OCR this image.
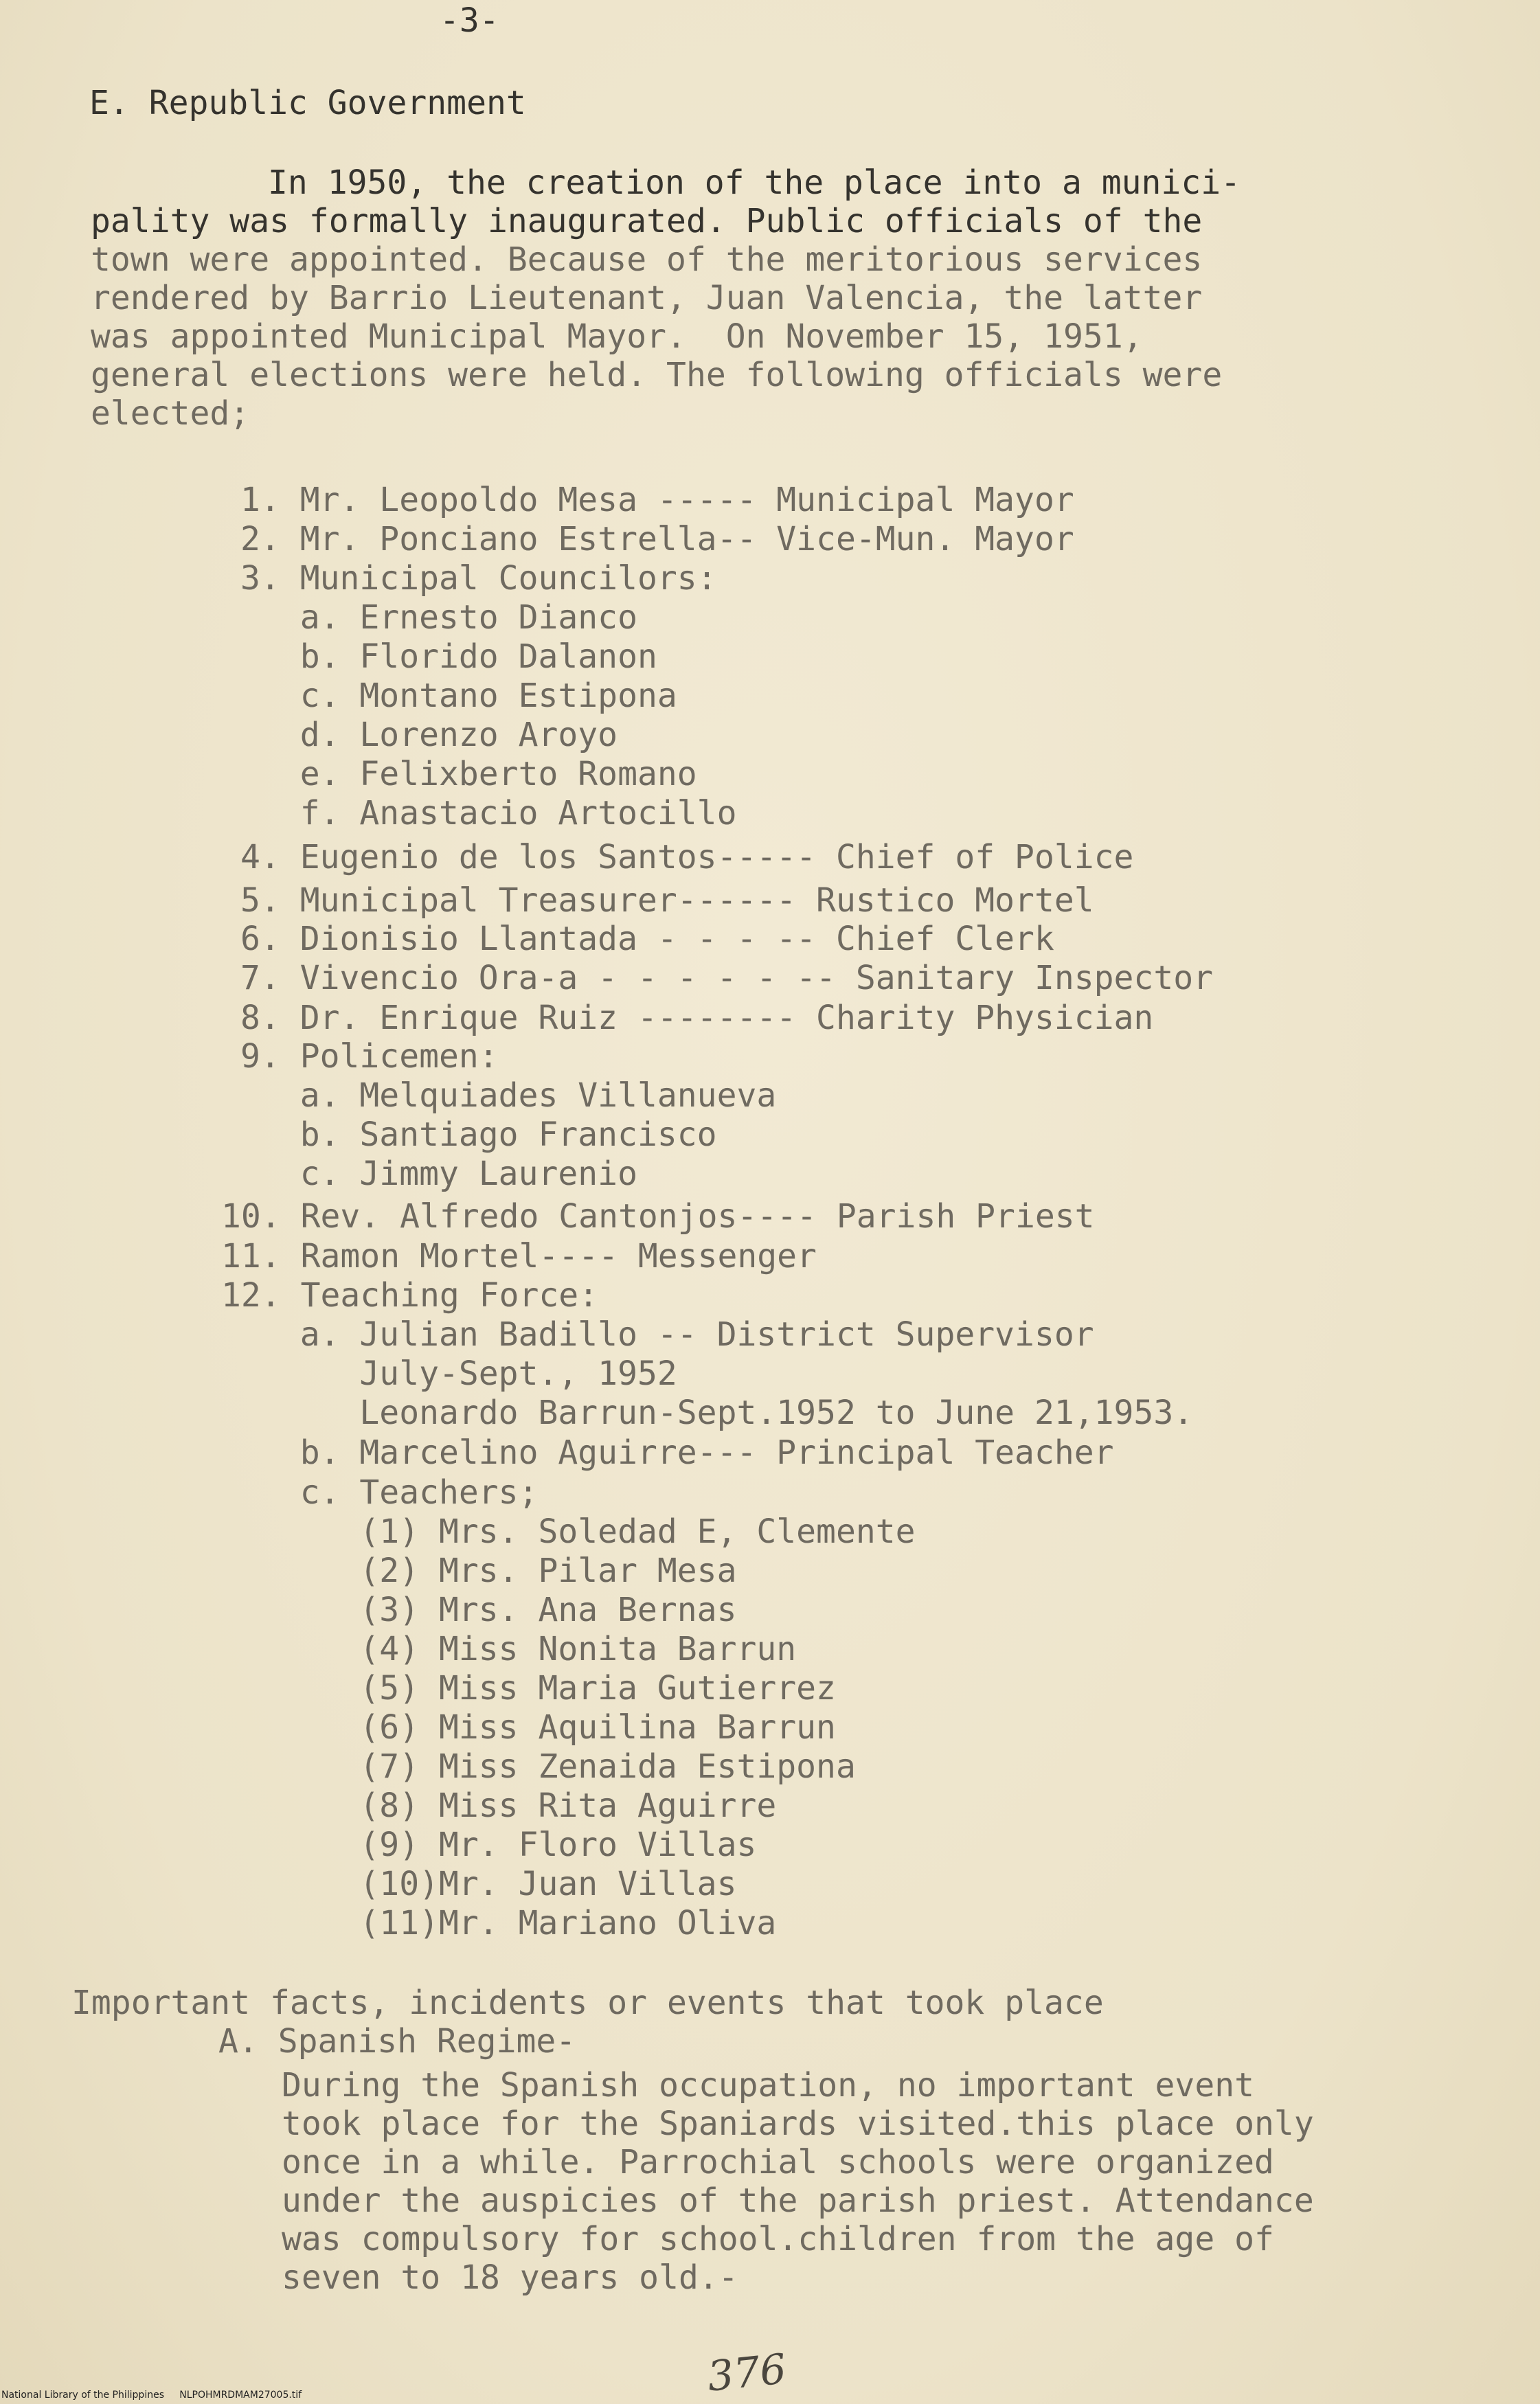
-3-
E. Republic Government
In 1950, the creation of the place into a munici-
pality was formally inaugurated. Public officials of the
town were appointed. Because of the meritorious services
rendered by Barrio Lieutenant, Juan Valencia, the latter
was appointed Municipal Mayor.  On November 15, 1951,
general elections were held. The following officials were
elected;
1. Mr. Leopoldo Mesa ----- Municipal Mayor
2. Mr. Ponciano Estrella-- Vice-Mun. Mayor
3. Municipal Councilors:
a. Ernesto Dianco
b. Florido Dalanon
c. Montano Estipona
d. Lorenzo Aroyo
e. Felixberto Romano
f. Anastacio Artocillo
4. Eugenio de los Santos----- Chief of Police
5. Municipal Treasurer------ Rustico Mortel
6. Dionisio Llantada - - - -- Chief Clerk
7. Vivencio Ora-a - - - - - -- Sanitary Inspector
8. Dr. Enrique Ruiz -------- Charity Physician
9. Policemen:
a. Melquiades Villanueva
b. Santiago Francisco
c. Jimmy Laurenio
10. Rev. Alfredo Cantonjos---- Parish Priest
11. Ramon Mortel---- Messenger
12. Teaching Force:
a. Julian Badillo -- District Supervisor
July-Sept., 1952
Leonardo Barrun-Sept.1952 to June 21,1953.
b. Marcelino Aguirre--- Principal Teacher
c. Teachers;
(1) Mrs. Soledad E, Clemente
(2) Mrs. Pilar Mesa
(3) Mrs. Ana Bernas
(4) Miss Nonita Barrun
(5) Miss Maria Gutierrez
(6) Miss Aquilina Barrun
(7) Miss Zenaida Estipona
(8) Miss Rita Aguirre
(9) Mr. Floro Villas
(10)Mr. Juan Villas
(11)Mr. Mariano Oliva
Important facts, incidents or events that took place
A. Spanish Regime-
During the Spanish occupation, no important event
took place for the Spaniards visited.this place only
once in a while. Parrochial schools were organized
under the auspicies of the parish priest. Attendance
was compulsory for school.children from the age of
seven to 18 years old.-
376
National Library of the Philippines     NLPOHMRDMAM27005.tif
